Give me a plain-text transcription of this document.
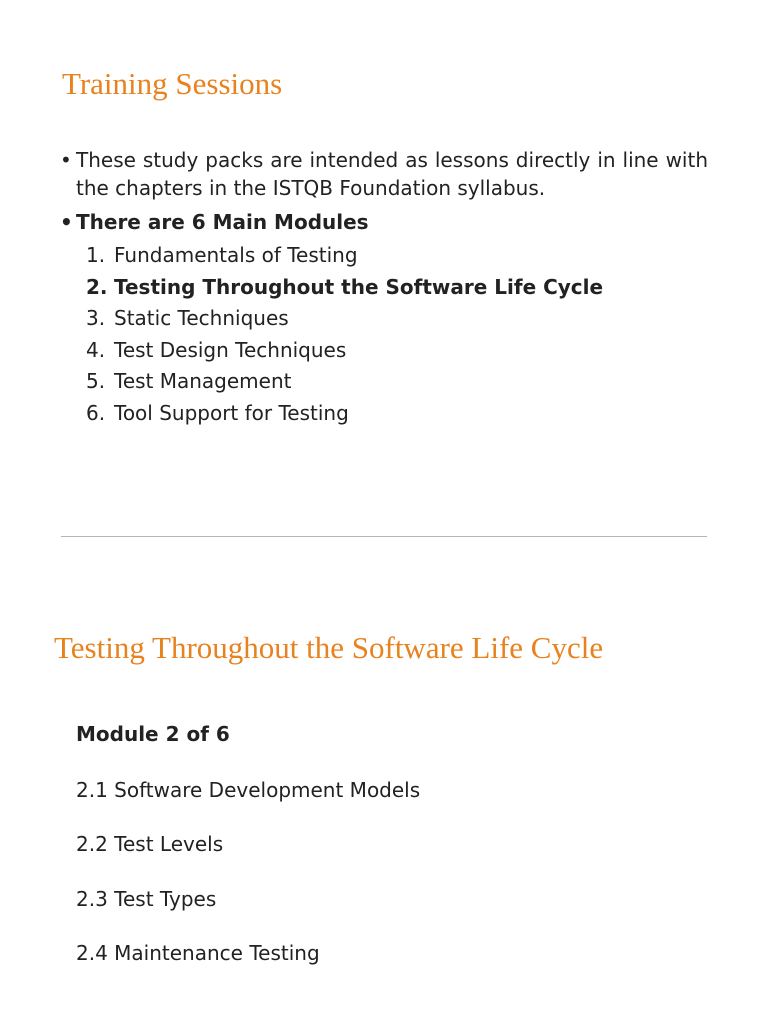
Training Sessions
• These study packs are intended as lessons directly in line with the chapters in the ISTQB Foundation syllabus.
• There are 6 Main Modules
1. Fundamentals of Testing
2. Testing Throughout the Software Life Cycle
3. Static Techniques
4. Test Design Techniques
5. Test Management
6. Tool Support for Testing
Testing Throughout the Software Life Cycle
Module 2 of 6
2.1 Software Development Models
2.2 Test Levels
2.3 Test Types
2.4 Maintenance Testing
